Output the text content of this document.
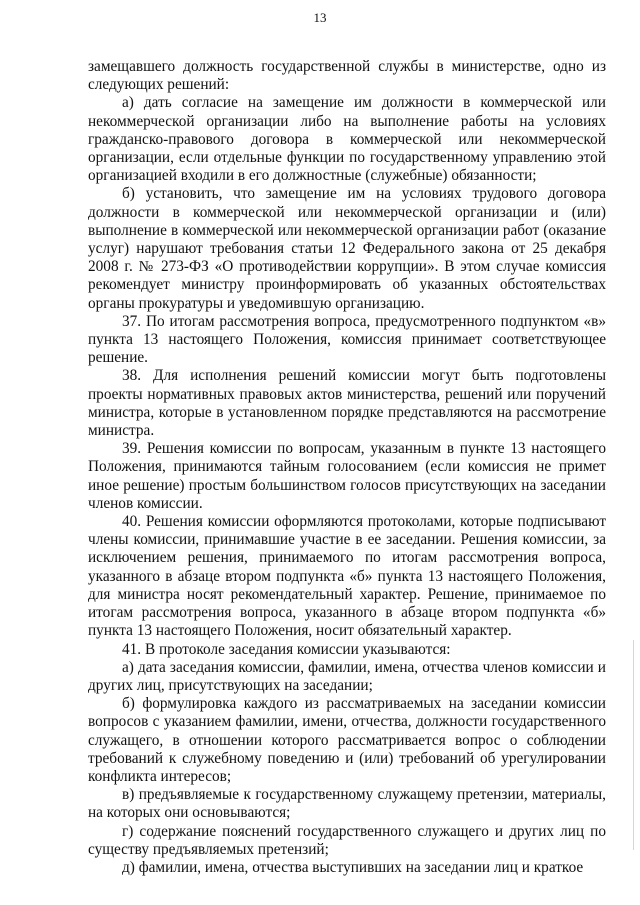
13

замещавшего должность государственной службы в министерстве, одно из следующих решений:

а) дать согласие на замещение им должности в коммерческой или некоммерческой организации либо на выполнение работы на условиях гражданско-правового договора в коммерческой или некоммерческой организации, если отдельные функции по государственному управлению этой организацией входили в его должностные (служебные) обязанности;

б) установить, что замещение им на условиях трудового договора должности в коммерческой или некоммерческой организации и (или) выполнение в коммерческой или некоммерческой организации работ (оказание услуг) нарушают требования статьи 12 Федерального закона от 25 декабря 2008 г. № 273-ФЗ «О противодействии коррупции». В этом случае комиссия рекомендует министру проинформировать об указанных обстоятельствах органы прокуратуры и уведомившую организацию.

37. По итогам рассмотрения вопроса, предусмотренного подпунктом «в» пункта 13 настоящего Положения, комиссия принимает соответствующее решение.

38. Для исполнения решений комиссии могут быть подготовлены проекты нормативных правовых актов министерства, решений или поручений министра, которые в установленном порядке представляются на рассмотрение министра.

39. Решения комиссии по вопросам, указанным в пункте 13 настоящего Положения, принимаются тайным голосованием (если комиссия не примет иное решение) простым большинством голосов присутствующих на заседании членов комиссии.

40. Решения комиссии оформляются протоколами, которые подписывают члены комиссии, принимавшие участие в ее заседании. Решения комиссии, за исключением решения, принимаемого по итогам рассмотрения вопроса, указанного в абзаце втором подпункта «б» пункта 13 настоящего Положения, для министра носят рекомендательный характер. Решение, принимаемое по итогам рассмотрения вопроса, указанного в абзаце втором подпункта «б» пункта 13 настоящего Положения, носит обязательный характер.

41. В протоколе заседания комиссии указываются:

а) дата заседания комиссии, фамилии, имена, отчества членов комиссии и других лиц, присутствующих на заседании;

б) формулировка каждого из рассматриваемых на заседании комиссии вопросов с указанием фамилии, имени, отчества, должности государственного служащего, в отношении которого рассматривается вопрос о соблюдении требований к служебному поведению и (или) требований об урегулировании конфликта интересов;

в) предъявляемые к государственному служащему претензии, материалы, на которых они основываются;

г) содержание пояснений государственного служащего и других лиц по существу предъявляемых претензий;

д) фамилии, имена, отчества выступивших на заседании лиц и краткое
